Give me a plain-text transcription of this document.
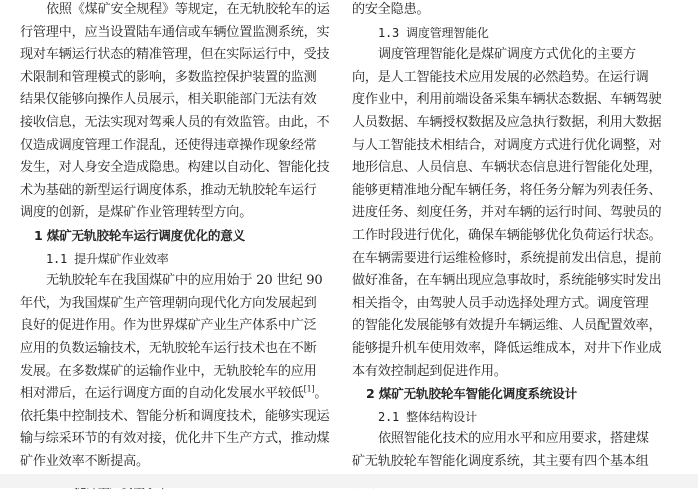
依照《煤矿安全规程》等规定，在无轨胶轮车的运
行管理中，应当设置陆车通信或车辆位置监测系统，实
现对车辆运行状态的精准管理，但在实际运行中，受技
术限制和管理模式的影响，多数监控保护装置的监测
结果仅能够向操作人员展示，相关职能部门无法有效
接收信息，无法实现对驾乘人员的有效监管。由此，不
仅造成调度管理工作混乱，还使得违章操作现象经常
发生，对人身安全造成隐患。构建以自动化、智能化技
术为基础的新型运行调度体系，推动无轨胶轮车运行
调度的创新，是煤矿作业管理转型方向。
1 煤矿无轨胶轮车运行调度优化的意义
1.1 提升煤矿作业效率
无轨胶轮车在我国煤矿中的应用始于 20 世纪 90
年代，为我国煤矿生产管理朝向现代化方向发展起到
良好的促进作用。作为世界煤矿产业生产体系中广泛
应用的负数运输技术，无轨胶轮车运行技术也在不断
发展。在多数煤矿的运输作业中，无轨胶轮车的应用
相对滞后，在运行调度方面的自动化发展水平较低[1]。
依托集中控制技术、智能分析和调度技术，能够实现运
输与综采环节的有效对接，优化井下生产方式，推动煤
矿作业效率不断提高。
的安全隐患。
1.3 调度管理智能化
调度管理智能化是煤矿调度方式优化的主要方
向，是人工智能技术应用发展的必然趋势。在运行调
度作业中，利用前端设备采集车辆状态数据、车辆驾驶
人员数据、车辆授权数据及应急执行数据，利用大数据
与人工智能技术相结合，对调度方式进行优化调整，对
地形信息、人员信息、车辆状态信息进行智能化处理，
能够更精准地分配车辆任务，将任务分解为列表任务、
进度任务、刻度任务，并对车辆的运行时间、驾驶员的
工作时段进行优化，确保车辆能够优化负荷运行状态。
在车辆需要进行运维检修时，系统提前发出信息，提前
做好准备，在车辆出现应急事故时，系统能够实时发出
相关指令，由驾驶人员手动选择处理方式。调度管理
的智能化发展能够有效提升车辆运维、人员配置效率，
能够提升机车使用效率，降低运维成本，对井下作业成
本有效控制起到促进作用。
2 煤矿无轨胶轮车智能化调度系统设计
2.1 整体结构设计
依照智能化技术的应用水平和应用要求，搭建煤
矿无轨胶轮车智能化调度系统，其主要有四个基本组
